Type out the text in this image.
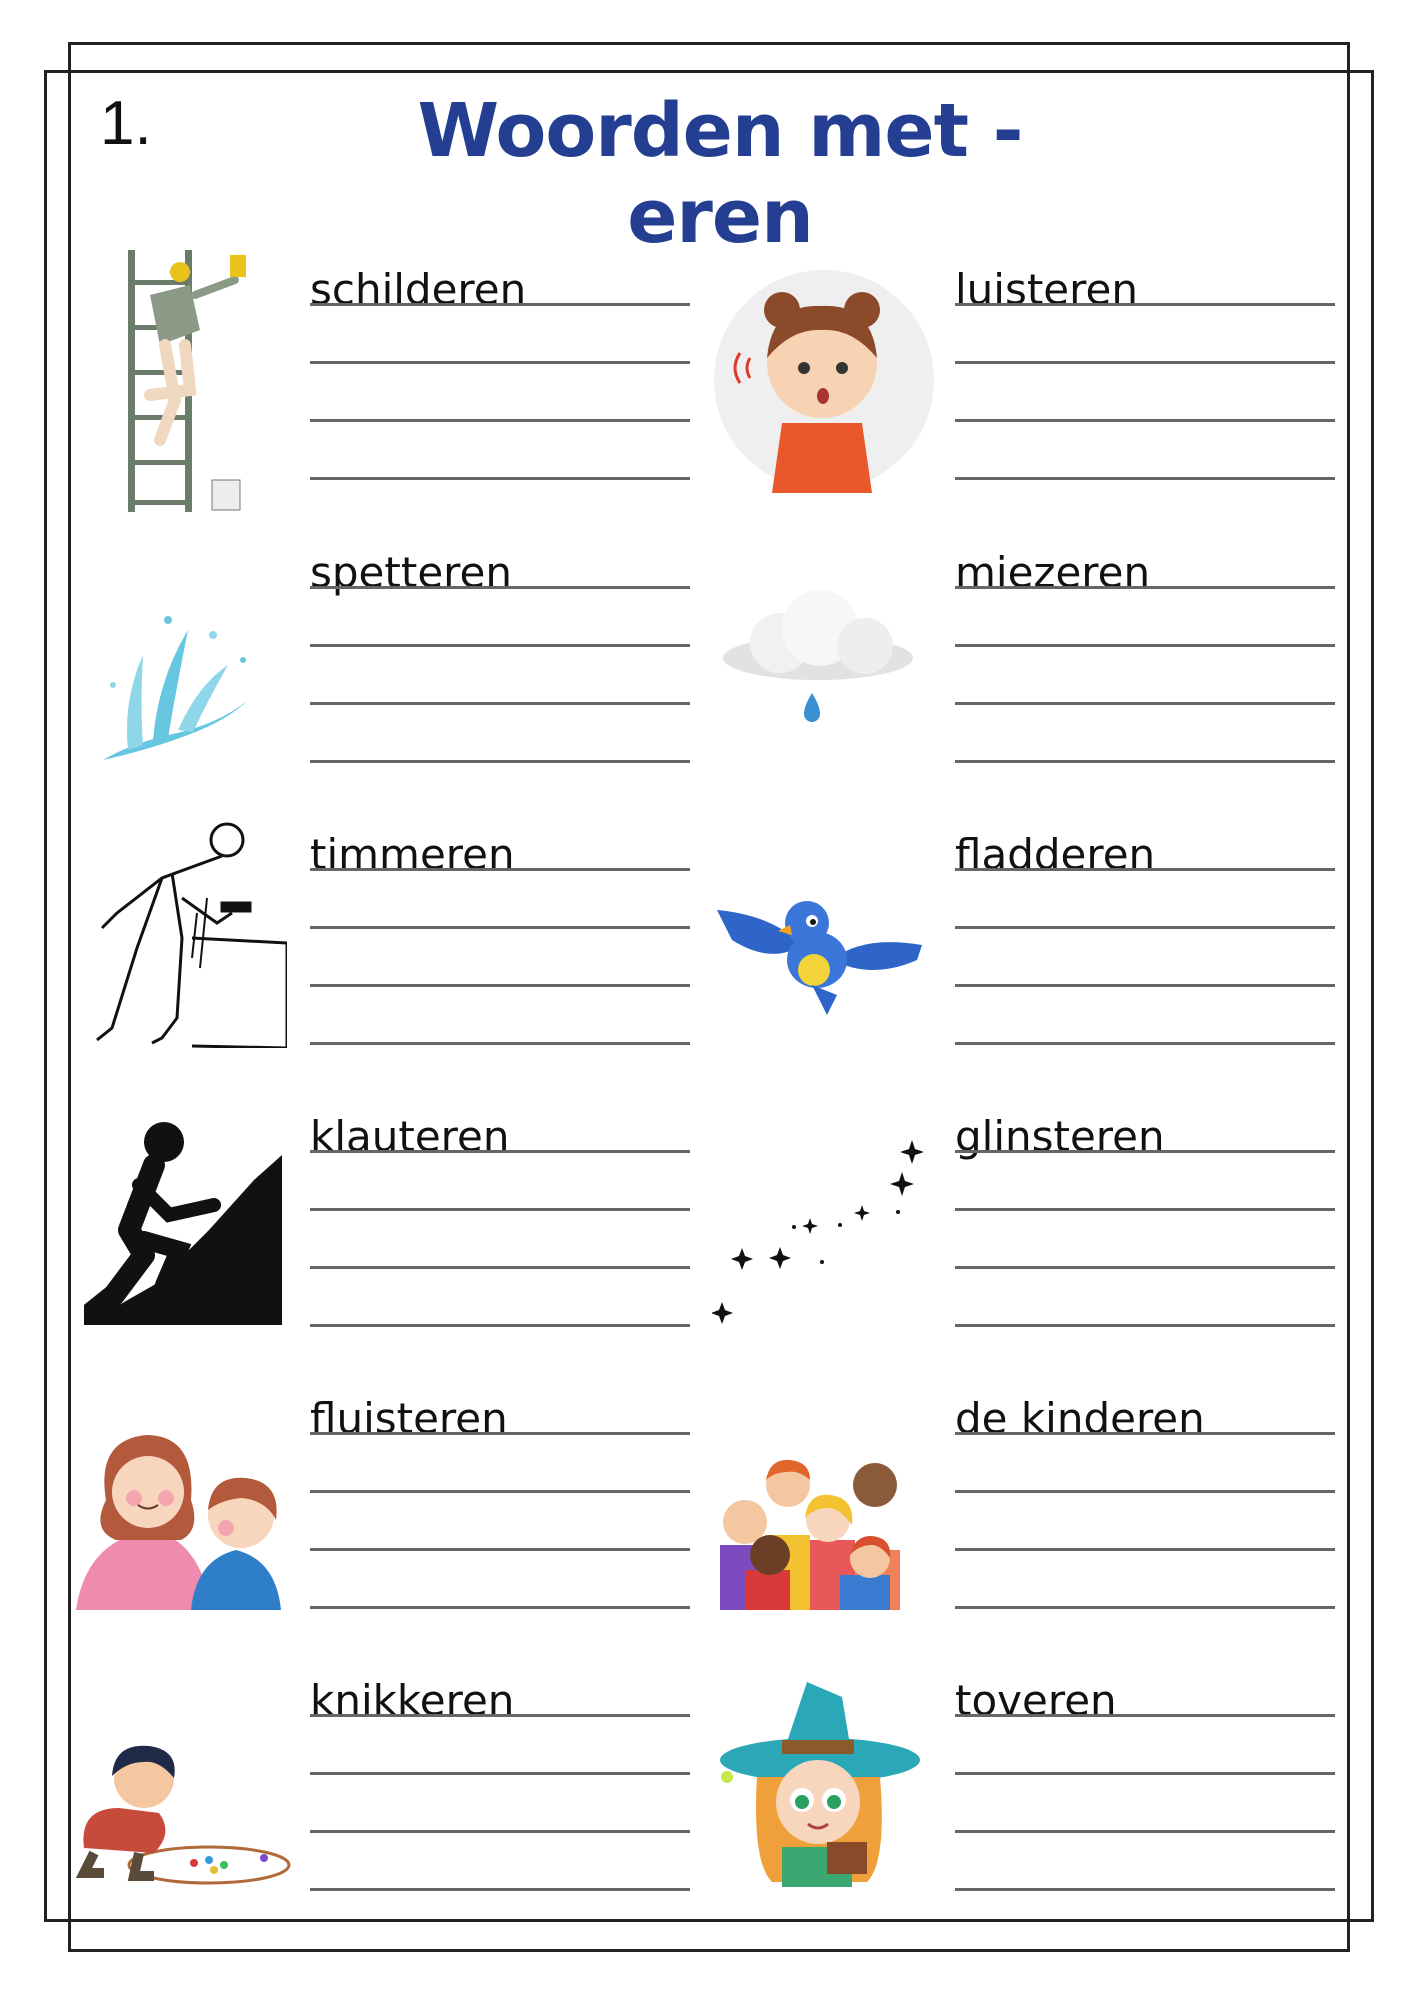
1.	Woorden met -eren
schilderen	luisteren
spetteren	miezeren
timmeren	fladderen
klauteren	glinsteren
fluisteren	de kinderen
knikkeren	toveren
